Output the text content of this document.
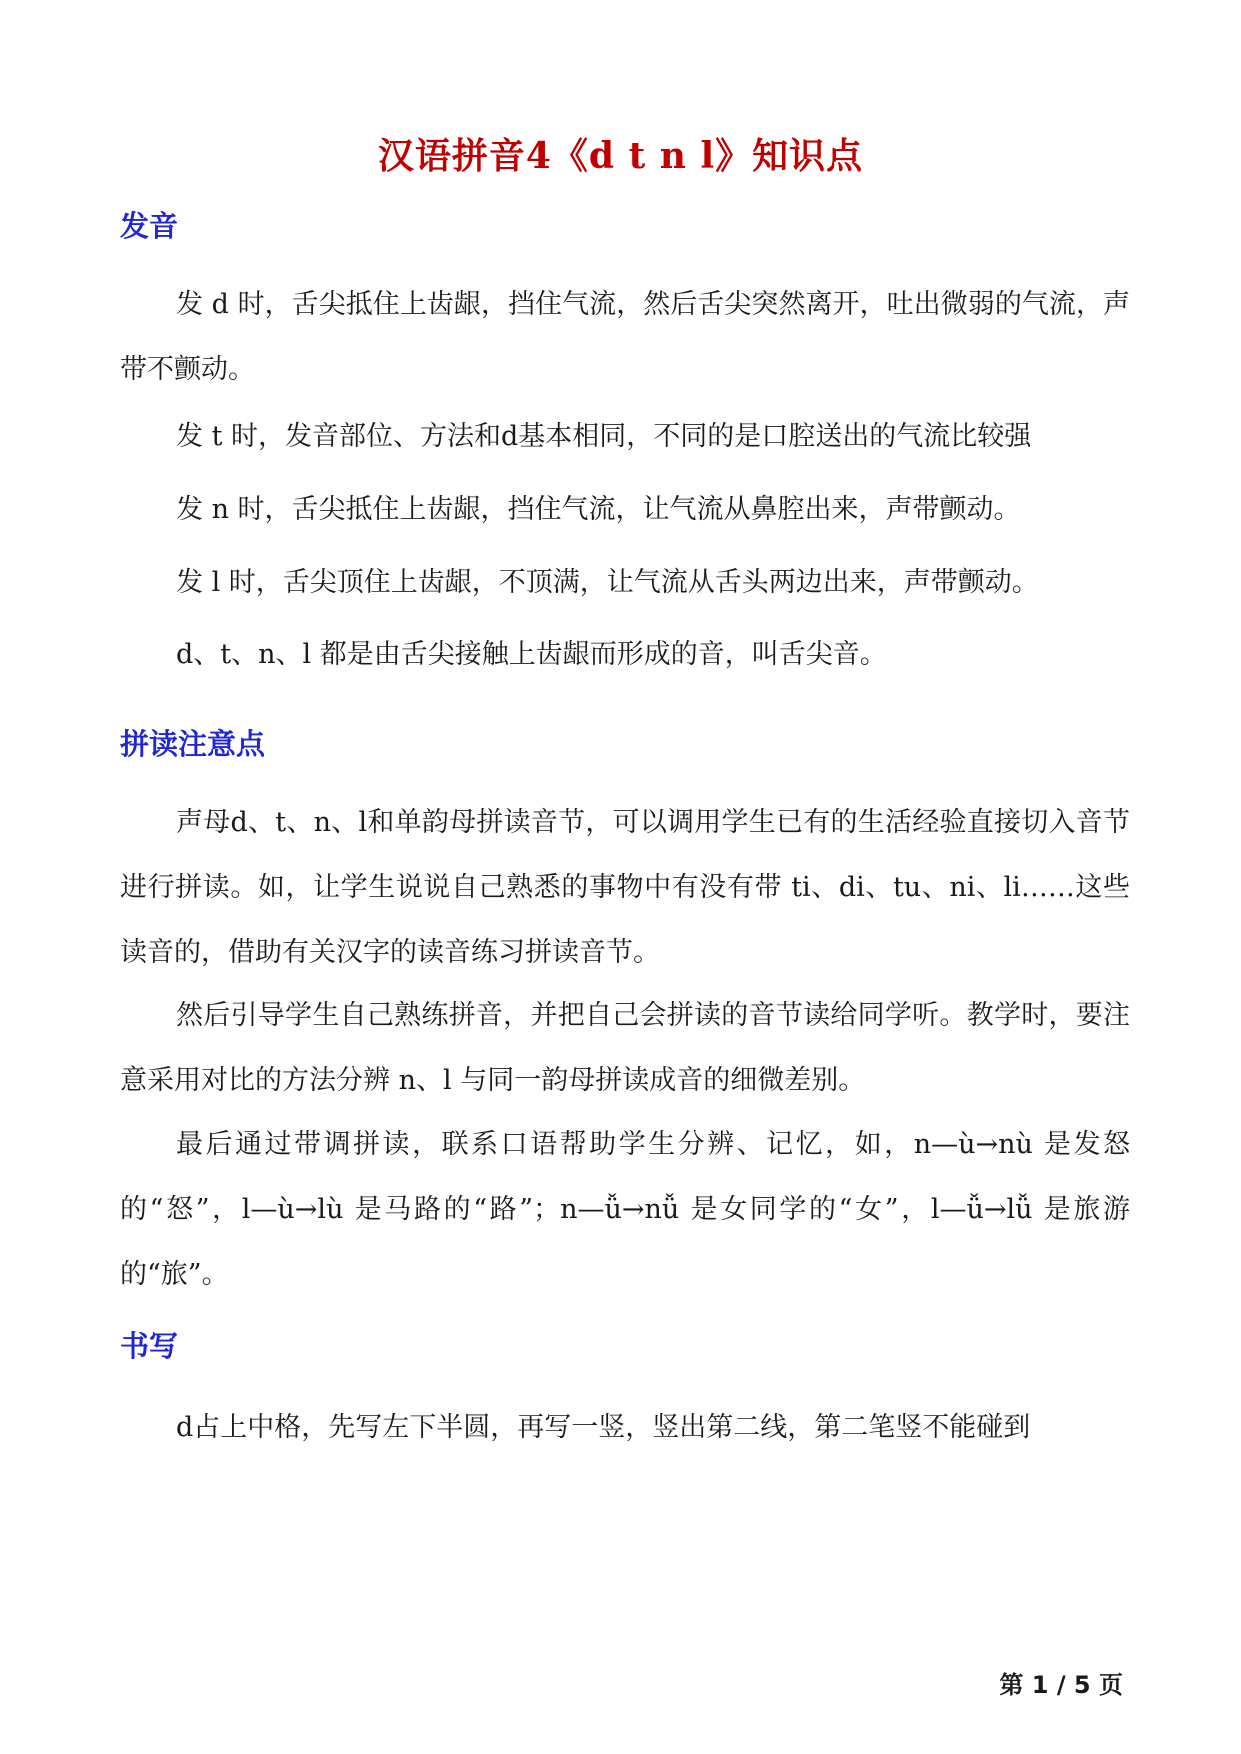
汉语拼音4《d t n l》知识点
发音

发 d 时，舌尖抵住上齿龈，挡住气流，然后舌尖突然离开，吐出微弱的气流，声带不颤动。

发 t 时，发音部位、方法和d基本相同，不同的是口腔送出的气流比较强

发 n 时，舌尖抵住上齿龈，挡住气流，让气流从鼻腔出来，声带颤动。

发 l 时，舌尖顶住上齿龈，不顶满，让气流从舌头两边出来，声带颤动。

d、t、n、l 都是由舌尖接触上齿龈而形成的音，叫舌尖音。

拼读注意点

声母d、t、n、l和单韵母拼读音节，可以调用学生已有的生活经验直接切入音节进行拼读。如，让学生说说自己熟悉的事物中有没有带 ti、di、tu、ni、li……这些读音的，借助有关汉字的读音练习拼读音节。

然后引导学生自己熟练拼音，并把自己会拼读的音节读给同学听。教学时，要注意采用对比的方法分辨 n、l 与同一韵母拼读成音的细微差别。

最后通过带调拼读，联系口语帮助学生分辨、记忆，如，n—ù→nù 是发怒的“怒”，l—ù→lù 是马路的“路”；n—ǚ→nǚ 是女同学的“女”，l—ǚ→lǚ 是旅游的“旅”。

书写

d占上中格，先写左下半圆，再写一竖，竖出第二线，第二笔竖不能碰到

第 1 / 5 页
